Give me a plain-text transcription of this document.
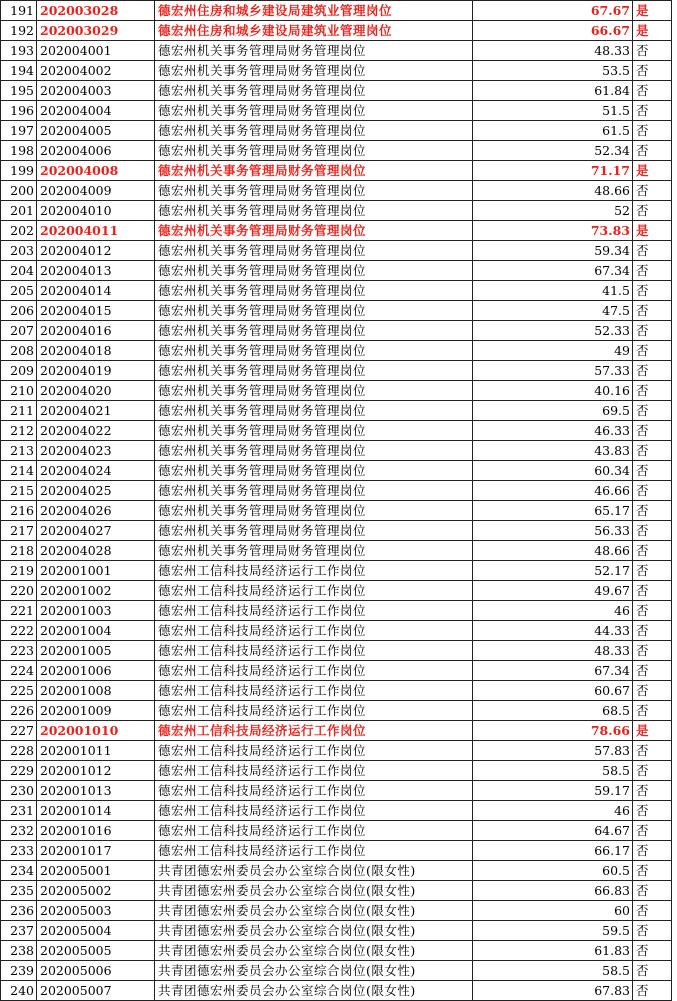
191	202003028	德宏州住房和城乡建设局建筑业管理岗位	67.67	是
192	202003029	德宏州住房和城乡建设局建筑业管理岗位	66.67	是
193	202004001	德宏州机关事务管理局财务管理岗位	48.33	否
194	202004002	德宏州机关事务管理局财务管理岗位	53.5	否
195	202004003	德宏州机关事务管理局财务管理岗位	61.84	否
196	202004004	德宏州机关事务管理局财务管理岗位	51.5	否
197	202004005	德宏州机关事务管理局财务管理岗位	61.5	否
198	202004006	德宏州机关事务管理局财务管理岗位	52.34	否
199	202004008	德宏州机关事务管理局财务管理岗位	71.17	是
200	202004009	德宏州机关事务管理局财务管理岗位	48.66	否
201	202004010	德宏州机关事务管理局财务管理岗位	52	否
202	202004011	德宏州机关事务管理局财务管理岗位	73.83	是
203	202004012	德宏州机关事务管理局财务管理岗位	59.34	否
204	202004013	德宏州机关事务管理局财务管理岗位	67.34	否
205	202004014	德宏州机关事务管理局财务管理岗位	41.5	否
206	202004015	德宏州机关事务管理局财务管理岗位	47.5	否
207	202004016	德宏州机关事务管理局财务管理岗位	52.33	否
208	202004018	德宏州机关事务管理局财务管理岗位	49	否
209	202004019	德宏州机关事务管理局财务管理岗位	57.33	否
210	202004020	德宏州机关事务管理局财务管理岗位	40.16	否
211	202004021	德宏州机关事务管理局财务管理岗位	69.5	否
212	202004022	德宏州机关事务管理局财务管理岗位	46.33	否
213	202004023	德宏州机关事务管理局财务管理岗位	43.83	否
214	202004024	德宏州机关事务管理局财务管理岗位	60.34	否
215	202004025	德宏州机关事务管理局财务管理岗位	46.66	否
216	202004026	德宏州机关事务管理局财务管理岗位	65.17	否
217	202004027	德宏州机关事务管理局财务管理岗位	56.33	否
218	202004028	德宏州机关事务管理局财务管理岗位	48.66	否
219	202001001	德宏州工信科技局经济运行工作岗位	52.17	否
220	202001002	德宏州工信科技局经济运行工作岗位	49.67	否
221	202001003	德宏州工信科技局经济运行工作岗位	46	否
222	202001004	德宏州工信科技局经济运行工作岗位	44.33	否
223	202001005	德宏州工信科技局经济运行工作岗位	48.33	否
224	202001006	德宏州工信科技局经济运行工作岗位	67.34	否
225	202001008	德宏州工信科技局经济运行工作岗位	60.67	否
226	202001009	德宏州工信科技局经济运行工作岗位	68.5	否
227	202001010	德宏州工信科技局经济运行工作岗位	78.66	是
228	202001011	德宏州工信科技局经济运行工作岗位	57.83	否
229	202001012	德宏州工信科技局经济运行工作岗位	58.5	否
230	202001013	德宏州工信科技局经济运行工作岗位	59.17	否
231	202001014	德宏州工信科技局经济运行工作岗位	46	否
232	202001016	德宏州工信科技局经济运行工作岗位	64.67	否
233	202001017	德宏州工信科技局经济运行工作岗位	66.17	否
234	202005001	共青团德宏州委员会办公室综合岗位(限女性)	60.5	否
235	202005002	共青团德宏州委员会办公室综合岗位(限女性)	66.83	否
236	202005003	共青团德宏州委员会办公室综合岗位(限女性)	60	否
237	202005004	共青团德宏州委员会办公室综合岗位(限女性)	59.5	否
238	202005005	共青团德宏州委员会办公室综合岗位(限女性)	61.83	否
239	202005006	共青团德宏州委员会办公室综合岗位(限女性)	58.5	否
240	202005007	共青团德宏州委员会办公室综合岗位(限女性)	67.83	否
